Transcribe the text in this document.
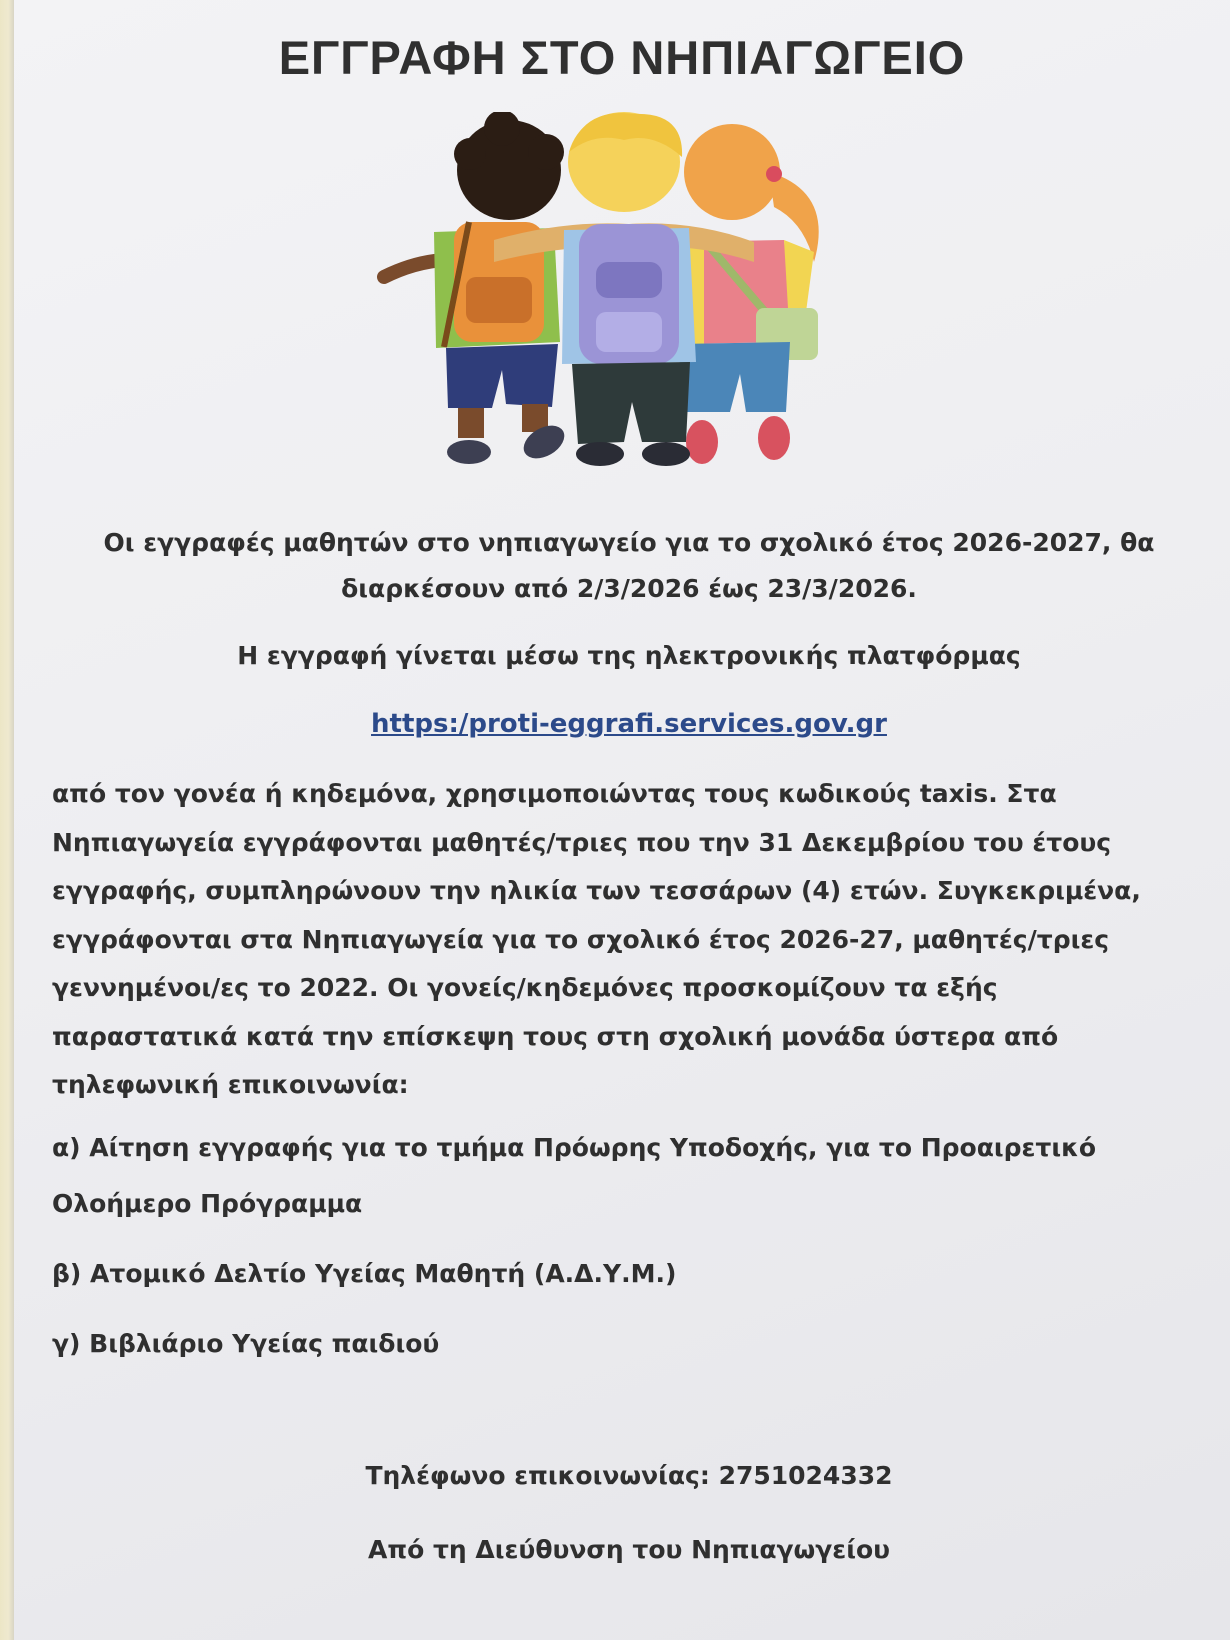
ΕΓΓΡΑΦΗ ΣΤΟ ΝΗΠΙΑΓΩΓΕΙΟ
Οι εγγραφές μαθητών στο νηπιαγωγείο για το σχολικό έτος 2026-2027, θα
διαρκέσουν από 2/3/2026 έως 23/3/2026.
Η εγγραφή γίνεται μέσω της ηλεκτρονικής πλατφόρμας
https:/proti-eggrafi.services.gov.gr
από τον γονέα ή κηδεμόνα, χρησιμοποιώντας τους κωδικούς taxis. Στα
Νηπιαγωγεία εγγράφονται μαθητές/τριες που την 31 Δεκεμβρίου του έτους
εγγραφής, συμπληρώνουν την ηλικία των τεσσάρων (4) ετών. Συγκεκριμένα,
εγγράφονται στα Νηπιαγωγεία για το σχολικό έτος 2026-27, μαθητές/τριες
γεννημένοι/ες το 2022. Οι γονείς/κηδεμόνες προσκομίζουν τα εξής
παραστατικά κατά την επίσκεψη τους στη σχολική μονάδα ύστερα από
τηλεφωνική επικοινωνία:
α) Αίτηση εγγραφής για το τμήμα Πρόωρης Υποδοχής, για το Προαιρετικό
Ολοήμερο Πρόγραμμα
β) Ατομικό Δελτίο Υγείας Μαθητή (Α.Δ.Υ.Μ.)
γ) Βιβλιάριο Υγείας παιδιού
Τηλέφωνο επικοινωνίας: 2751024332
Από τη Διεύθυνση του Νηπιαγωγείου
